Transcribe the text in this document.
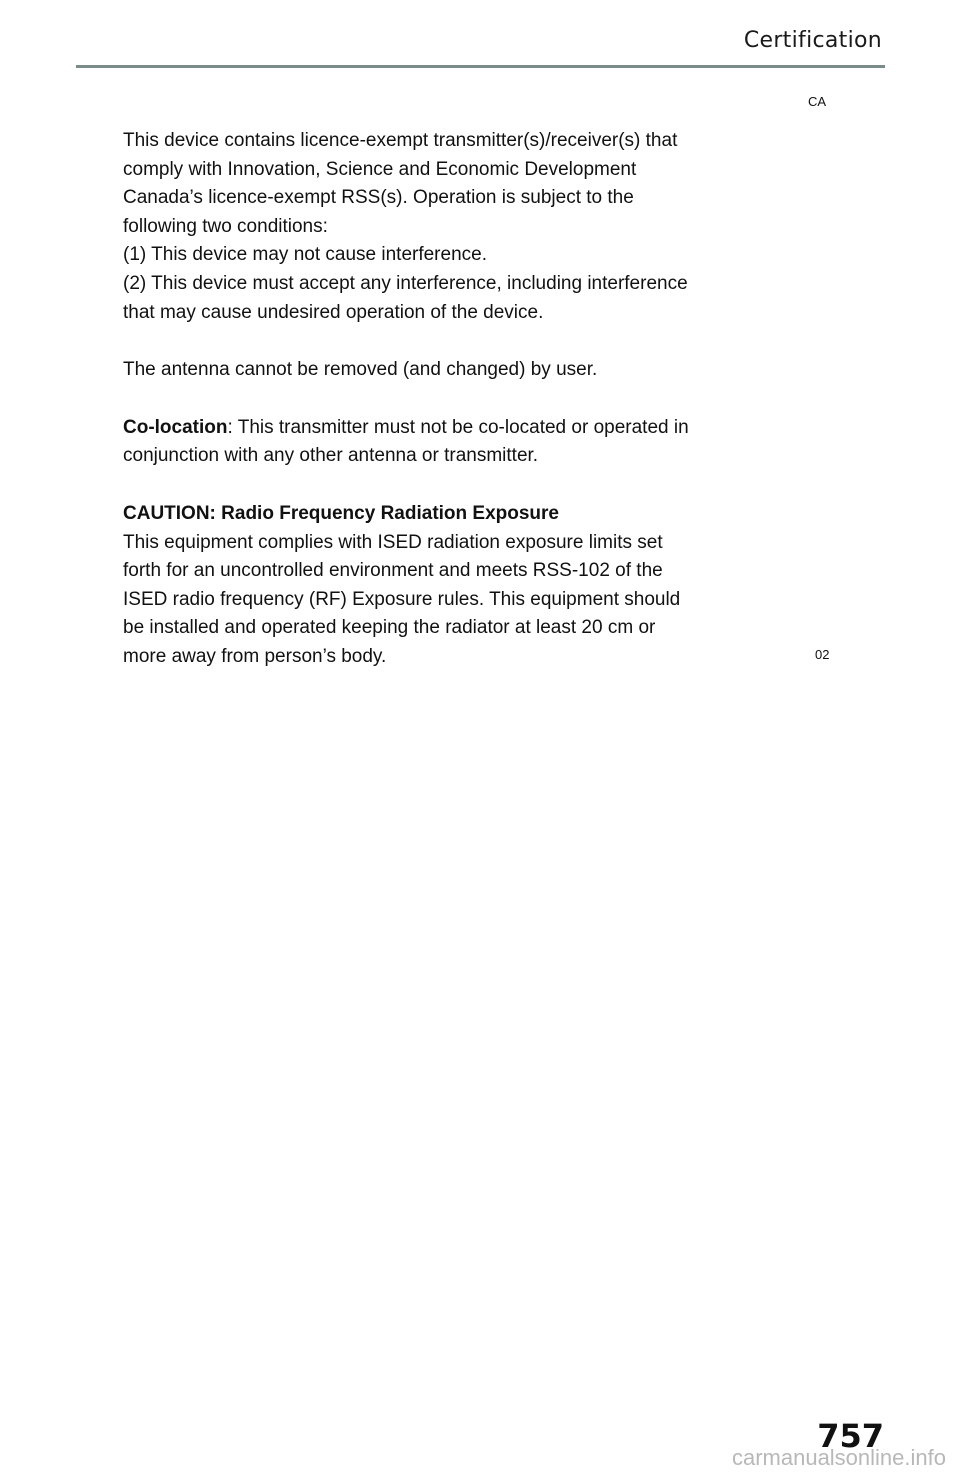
Certification
CA

This device contains licence-exempt transmitter(s)/receiver(s) that

comply with Innovation, Science and Economic Development

Canada’s licence-exempt RSS(s). Operation is subject to the

following two conditions:

(1) This device may not cause interference.

(2) This device must accept any interference, including interference

that may cause undesired operation of the device.

The antenna cannot be removed (and changed) by user.

Co-location: This transmitter must not be co-located or operated in

conjunction with any other antenna or transmitter.

CAUTION: Radio Frequency Radiation Exposure

This equipment complies with ISED radiation exposure limits set

forth for an uncontrolled environment and meets RSS-102 of the

ISED radio frequency (RF) Exposure rules. This equipment should

be installed and operated keeping the radiator at least 20 cm or

more away from person’s body.	02
757
carmanualsonline.info
